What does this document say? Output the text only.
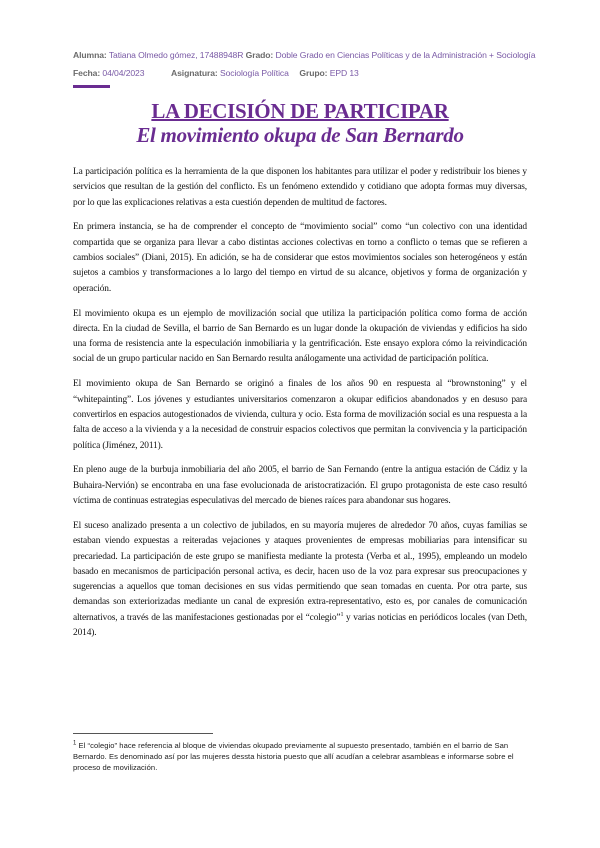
Alumna: Tatiana Olmedo gómez, 17488948R Grado: Doble Grado en Ciencias Políticas y de la Administración + Sociología
Fecha: 04/04/2023	Asignatura: Sociología Política Grupo: EPD 13
LA DECISIÓN DE PARTICIPAR
El movimiento okupa de San Bernardo

La participación política es la herramienta de la que disponen los habitantes para utilizar el poder y redistribuir los bienes y servicios que resultan de la gestión del conflicto. Es un fenómeno extendido y cotidiano que adopta formas muy diversas, por lo que las explicaciones relativas a esta cuestión dependen de multitud de factores.

En primera instancia, se ha de comprender el concepto de “movimiento social” como “un colectivo con una identidad compartida que se organiza para llevar a cabo distintas acciones colectivas en torno a conflicto o temas que se refieren a cambios sociales” (Diani, 2015). En adición, se ha de considerar que estos movimientos sociales son heterogéneos y están sujetos a cambios y transformaciones a lo largo del tiempo en virtud de su alcance, objetivos y forma de organización y operación.

El movimiento okupa es un ejemplo de movilización social que utiliza la participación política como forma de acción directa. En la ciudad de Sevilla, el barrio de San Bernardo es un lugar donde la okupación de viviendas y edificios ha sido una forma de resistencia ante la especulación inmobiliaria y la gentrificación. Este ensayo explora cómo la reivindicación social de un grupo particular nacido en San Bernardo resulta análogamente una actividad de participación política.

El movimiento okupa de San Bernardo se originó a finales de los años 90 en respuesta al “brownstoning” y el “whitepainting”. Los jóvenes y estudiantes universitarios comenzaron a okupar edificios abandonados y en desuso para convertirlos en espacios autogestionados de vivienda, cultura y ocio. Esta forma de movilización social es una respuesta a la falta de acceso a la vivienda y a la necesidad de construir espacios colectivos que permitan la convivencia y la participación política (Jiménez, 2011).

En pleno auge de la burbuja inmobiliaria del año 2005, el barrio de San Fernando (entre la antigua estación de Cádiz y la Buhaira-Nervión) se encontraba en una fase evolucionada de aristocratización. El grupo protagonista de este caso resultó víctima de continuas estrategias especulativas del mercado de bienes raíces para abandonar sus hogares.

El suceso analizado presenta a un colectivo de jubilados, en su mayoría mujeres de alrededor 70 años, cuyas familias se estaban viendo expuestas a reiteradas vejaciones y ataques provenientes de empresas mobiliarias para intensificar su precariedad. La participación de este grupo se manifiesta mediante la protesta (Verba et al., 1995), empleando un modelo basado en mecanismos de participación personal activa, es decir, hacen uso de la voz para expresar sus preocupaciones y sugerencias a aquellos que toman decisiones en sus vidas permitiendo que sean tomadas en cuenta. Por otra parte, sus demandas son exteriorizadas mediante un canal de expresión extra-representativo, esto es, por canales de comunicación alternativos, a través de las manifestaciones gestionadas por el “colegio”$^1$ y varias noticias en periódicos locales (van Deth, 2014).

$^1$ El “colegio” hace referencia al bloque de viviendas okupado previamente al supuesto presentado, también en el barrio de San Bernardo. Es denominado así por las mujeres dessta historia puesto que allí acudían a celebrar asambleas e informarse sobre el proceso de movilización.
